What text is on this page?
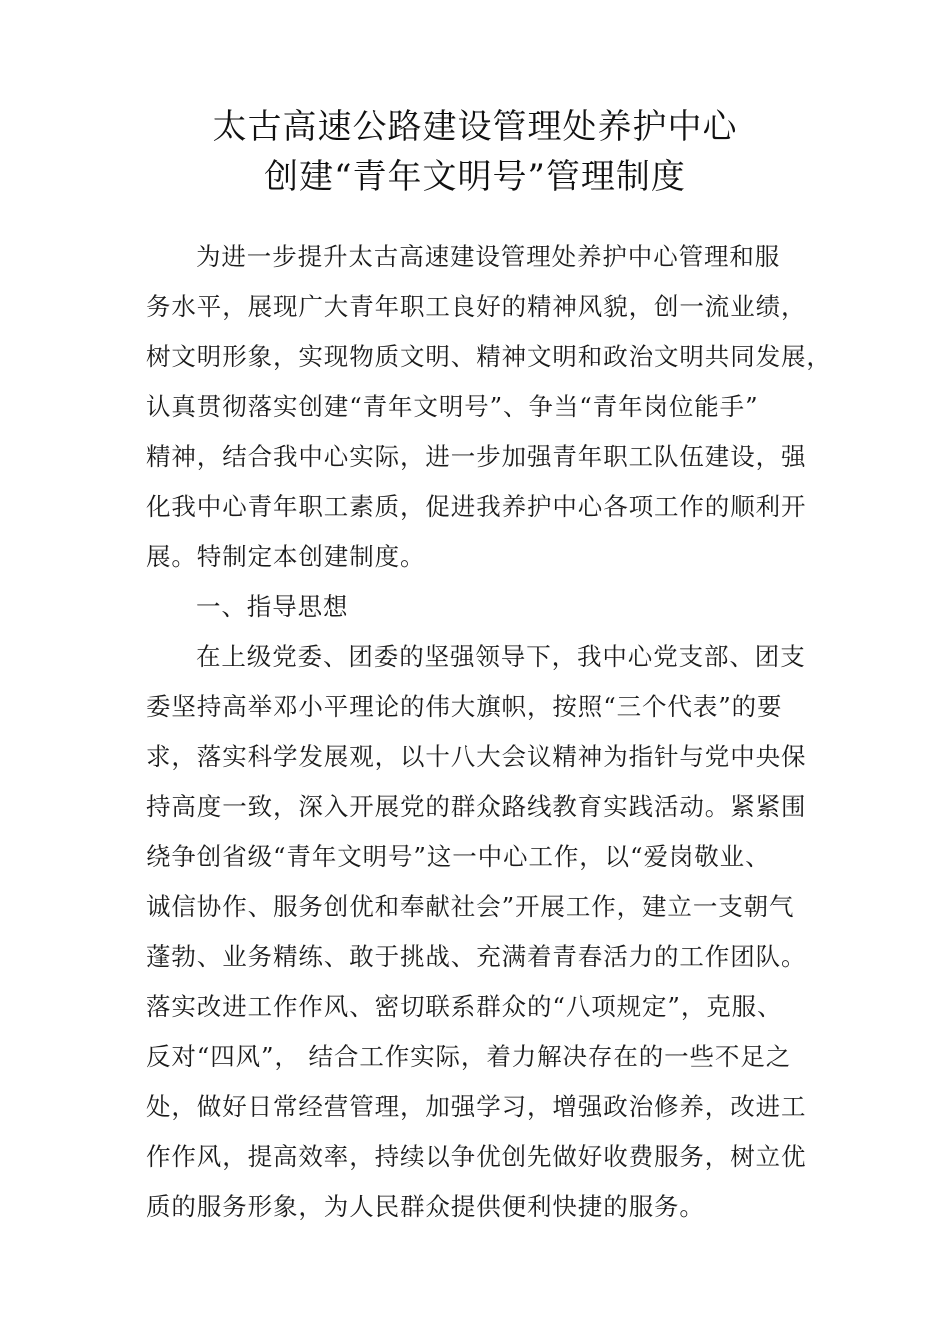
太古高速公路建设管理处养护中心
创建“青年文明号”管理制度
为进一步提升太古高速建设管理处养护中心管理和服
务水平，展现广大青年职工良好的精神风貌，创一流业绩，
树文明形象，实现物质文明、精神文明和政治文明共同发展，
认真贯彻落实创建“青年文明号”、争当“青年岗位能手”
精神，结合我中心实际，进一步加强青年职工队伍建设，强
化我中心青年职工素质，促进我养护中心各项工作的顺利开
展。特制定本创建制度。
一、指导思想
在上级党委、团委的坚强领导下，我中心党支部、团支
委坚持高举邓小平理论的伟大旗帜，按照“三个代表”的要
求，落实科学发展观，以十八大会议精神为指针与党中央保
持高度一致，深入开展党的群众路线教育实践活动。紧紧围
绕争创省级“青年文明号”这一中心工作，以“爱岗敬业、
诚信协作、服务创优和奉献社会”开展工作，建立一支朝气
蓬勃、业务精练、敢于挑战、充满着青春活力的工作团队。
落实改进工作作风、密切联系群众的“八项规定”，克服、
反对“四风”， 结合工作实际，着力解决存在的一些不足之
处，做好日常经营管理，加强学习，增强政治修养，改进工
作作风，提高效率，持续以争优创先做好收费服务，树立优
质的服务形象，为人民群众提供便利快捷的服务。
